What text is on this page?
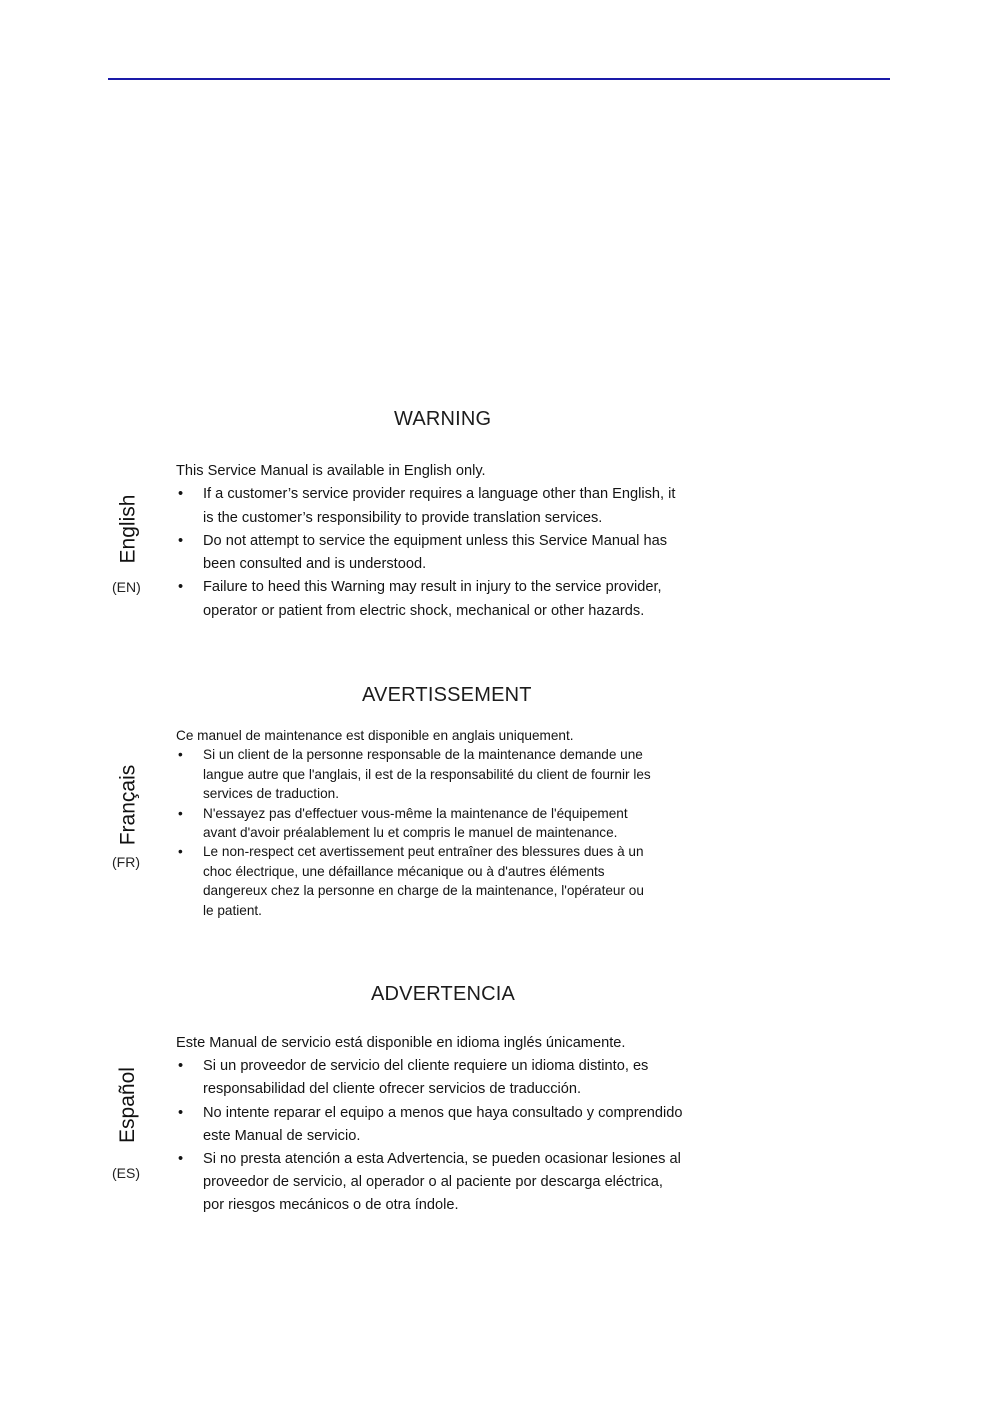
WARNING
English
(EN)

This Service Manual is available in English only.

• If a customer’s service provider requires a language other than English, it
is the customer’s responsibility to provide translation services.
• Do not attempt to service the equipment unless this Service Manual has
been consulted and is understood.
• Failure to heed this Warning may result in injury to the service provider,
operator or patient from electric shock, mechanical or other hazards.
AVERTISSEMENT
Français
(FR)

Ce manuel de maintenance est disponible en anglais uniquement.

• Si un client de la personne responsable de la maintenance demande une
langue autre que l'anglais, il est de la responsabilité du client de fournir les
services de traduction.
• N'essayez pas d'effectuer vous-même la maintenance de l'équipement
avant d'avoir préalablement lu et compris le manuel de maintenance.
• Le non-respect cet avertissement peut entraîner des blessures dues à un
choc électrique, une défaillance mécanique ou à d'autres éléments
dangereux chez la personne en charge de la maintenance, l'opérateur ou
le patient.
ADVERTENCIA
Español
(ES)

Este Manual de servicio está disponible en idioma inglés únicamente.

• Si un proveedor de servicio del cliente requiere un idioma distinto, es
responsabilidad del cliente ofrecer servicios de traducción.
• No intente reparar el equipo a menos que haya consultado y comprendido
este Manual de servicio.
• Si no presta atención a esta Advertencia, se pueden ocasionar lesiones al
proveedor de servicio, al operador o al paciente por descarga eléctrica,
por riesgos mecánicos o de otra índole.
